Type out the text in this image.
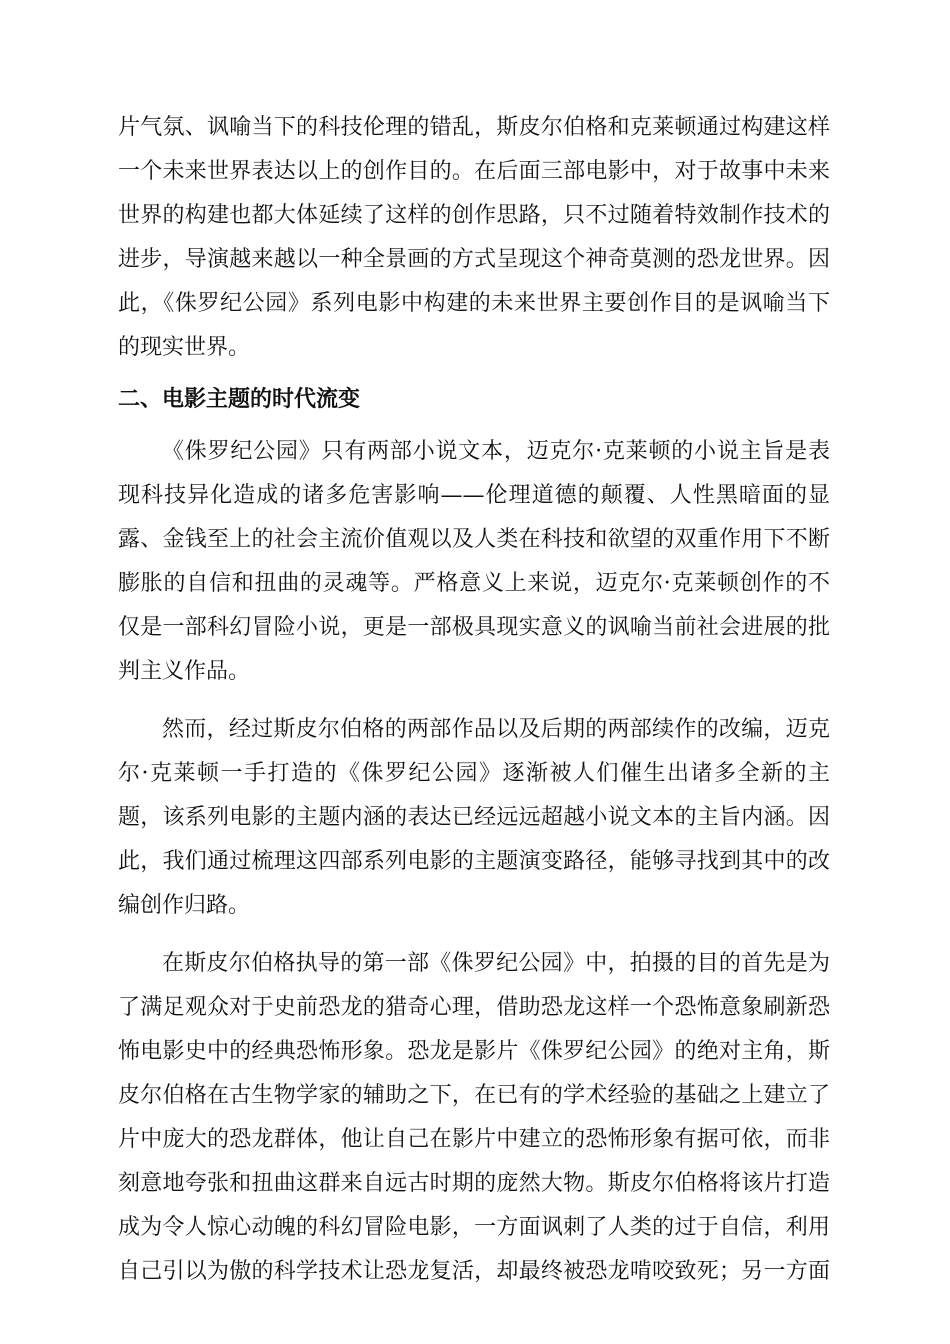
片气氛、讽喻当下的科技伦理的错乱，斯皮尔伯格和克莱顿通过构建这样
一个未来世界表达以上的创作目的。在后面三部电影中，对于故事中未来
世界的构建也都大体延续了这样的创作思路，只不过随着特效制作技术的
进步，导演越来越以一种全景画的方式呈现这个神奇莫测的恐龙世界。因
此，《侏罗纪公园》系列电影中构建的未来世界主要创作目的是讽喻当下
的现实世界。
二、电影主题的时代流变
《侏罗纪公园》只有两部小说文本，迈克尔·克莱顿的小说主旨是表
现科技异化造成的诸多危害影响——伦理道德的颠覆、人性黑暗面的显
露、金钱至上的社会主流价值观以及人类在科技和欲望的双重作用下不断
膨胀的自信和扭曲的灵魂等。严格意义上来说，迈克尔·克莱顿创作的不
仅是一部科幻冒险小说，更是一部极具现实意义的讽喻当前社会进展的批
判主义作品。
然而，经过斯皮尔伯格的两部作品以及后期的两部续作的改编，迈克
尔·克莱顿一手打造的《侏罗纪公园》逐渐被人们催生出诸多全新的主
题，该系列电影的主题内涵的表达已经远远超越小说文本的主旨内涵。因
此，我们通过梳理这四部系列电影的主题演变路径，能够寻找到其中的改
编创作归路。
在斯皮尔伯格执导的第一部《侏罗纪公园》中，拍摄的目的首先是为
了满足观众对于史前恐龙的猎奇心理，借助恐龙这样一个恐怖意象刷新恐
怖电影史中的经典恐怖形象。恐龙是影片《侏罗纪公园》的绝对主角，斯
皮尔伯格在古生物学家的辅助之下，在已有的学术经验的基础之上建立了
片中庞大的恐龙群体，他让自己在影片中建立的恐怖形象有据可依，而非
刻意地夸张和扭曲这群来自远古时期的庞然大物。斯皮尔伯格将该片打造
成为令人惊心动魄的科幻冒险电影，一方面讽刺了人类的过于自信，利用
自己引以为傲的科学技术让恐龙复活，却最终被恐龙啃咬致死；另一方面
